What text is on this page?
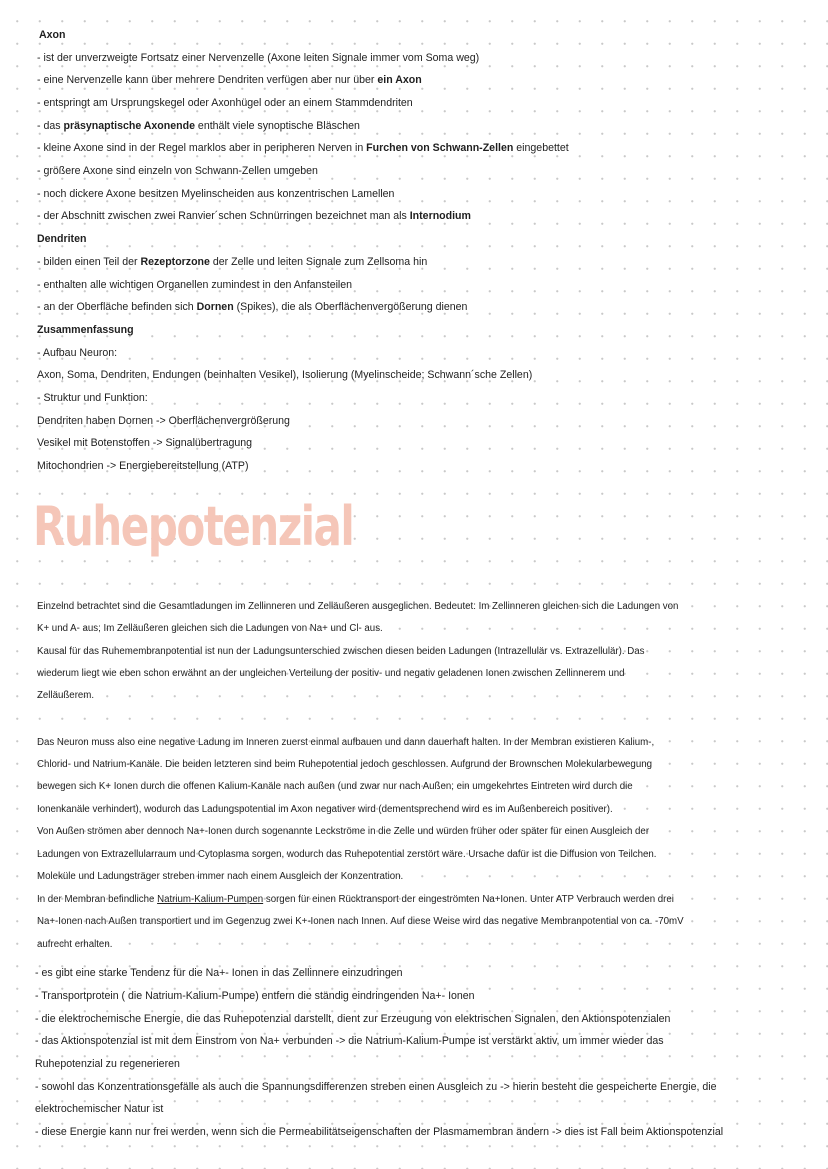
Axon
- ist der unverzweigte Fortsatz einer Nervenzelle (Axone leiten Signale immer vom Soma weg)
- eine Nervenzelle kann über mehrere Dendriten verfügen aber nur über ein Axon
- entspringt am Ursprungskegel oder Axonhügel oder an einem Stammdendriten
- das präsynaptische Axonende enthält viele synoptische Bläschen
- kleine Axone sind in der Regel marklos aber in peripheren Nerven in Furchen von Schwann-Zellen eingebettet
- größere Axone sind einzeln von Schwann-Zellen umgeben
- noch dickere Axone besitzen Myelinscheiden aus konzentrischen Lamellen
- der Abschnitt zwischen zwei Ranvier´schen Schnürringen bezeichnet man als Internodium
Dendriten
- bilden einen Teil der Rezeptorzone der Zelle und leiten Signale zum Zellsoma hin
- enthalten alle wichtigen Organellen zumindest in den Anfansteilen
- an der Oberfläche befinden sich Dornen (Spikes), die als Oberflächenvergößerung dienen
Zusammenfassung
- Aufbau Neuron:
Axon, Soma, Dendriten, Endungen (beinhalten Vesikel), Isolierung (Myelinscheide; Schwann´sche Zellen)
- Struktur und Funktion:
Dendriten haben Dornen -> Oberflächenvergrößerung
Vesikel mit Botenstoffen -> Signalübertragung
Mitochondrien -> Energiebereitstellung (ATP)
Ruhepotenzial
Einzelnd betrachtet sind die Gesamtladungen im Zellinneren und Zelläußeren ausgeglichen. Bedeutet: Im Zellinneren gleichen sich die Ladungen von
K+ und A- aus; Im Zelläußeren gleichen sich die Ladungen von Na+ und Cl- aus.
Kausal für das Ruhemembranpotential ist nun der Ladungsunterschied zwischen diesen beiden Ladungen (Intrazellulär vs. Extrazellulär). Das
wiederum liegt wie eben schon erwähnt an der ungleichen Verteilung der positiv- und negativ geladenen Ionen zwischen Zellinnerem und
Zelläußerem.
Das Neuron muss also eine negative Ladung im Inneren zuerst einmal aufbauen und dann dauerhaft halten. In der Membran existieren Kalium-,
Chlorid- und Natrium-Kanäle. Die beiden letzteren sind beim Ruhepotential jedoch geschlossen. Aufgrund der Brownschen Molekularbewegung
bewegen sich K+ Ionen durch die offenen Kalium-Kanäle nach außen (und zwar nur nach Außen; ein umgekehrtes Eintreten wird durch die
Ionenkanäle verhindert), wodurch das Ladungspotential im Axon negativer wird (dementsprechend wird es im Außenbereich positiver).
Von Außen strömen aber dennoch Na+-Ionen durch sogenannte Leckströme in die Zelle und würden früher oder später für einen Ausgleich der
Ladungen von Extrazellularraum und Cytoplasma sorgen, wodurch das Ruhepotential zerstört wäre. Ursache dafür ist die Diffusion von Teilchen.
Moleküle und Ladungsträger streben immer nach einem Ausgleich der Konzentration.
In der Membran befindliche Natrium-Kalium-Pumpen sorgen für einen Rücktransport der eingeströmten Na+Ionen. Unter ATP Verbrauch werden drei
Na+-Ionen nach Außen transportiert und im Gegenzug zwei K+-Ionen nach Innen. Auf diese Weise wird das negative Membranpotential von ca. -70mV
aufrecht erhalten.
- es gibt eine starke Tendenz für die Na+- Ionen in das Zellinnere einzudringen
- Transportprotein ( die Natrium-Kalium-Pumpe) entfern die ständig eindringenden Na+- Ionen
- die elektrochemische Energie, die das Ruhepotenzial darstellt, dient zur Erzeugung von elektrischen Signalen, den Aktionspotenzialen
- das Aktionspotenzial ist mit dem Einstrom von Na+ verbunden -> die Natrium-Kalium-Pumpe ist verstärkt aktiv, um immer wieder das
Ruhepotenzial zu regenerieren
- sowohl das Konzentrationsgefälle als auch die Spannungsdifferenzen streben einen Ausgleich zu -> hierin besteht die gespeicherte Energie, die
elektrochemischer Natur ist
- diese Energie kann nur frei werden, wenn sich die Permeabilitätseigenschaften der Plasmamembran ändern -> dies ist Fall beim Aktionspotenzial
